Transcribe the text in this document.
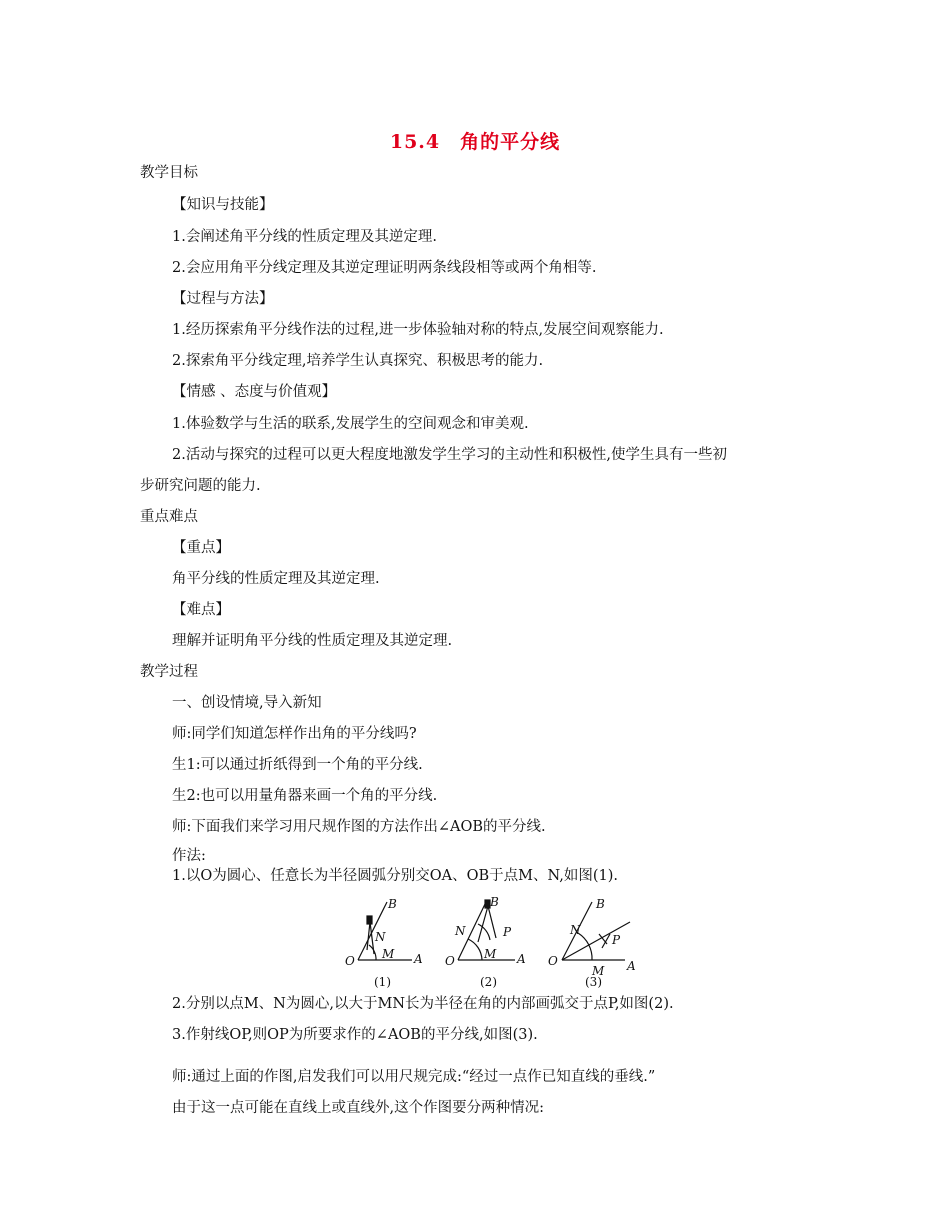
15.4　角的平分线
教学目标
【知识与技能】
1.会阐述角平分线的性质定理及其逆定理.
2.会应用角平分线定理及其逆定理证明两条线段相等或两个角相等.
【过程与方法】
1.经历探索角平分线作法的过程,进一步体验轴对称的特点,发展空间观察能力.
2.探索角平分线定理,培养学生认真探究、积极思考的能力.
【情感 、态度与价值观】
1.体验数学与生活的联系,发展学生的空间观念和审美观.
2.活动与探究的过程可以更大程度地激发学生学习的主动性和积极性,使学生具有一些初
步研究问题的能力.
重点难点
【重点】
角平分线的性质定理及其逆定理.
【难点】
理解并证明角平分线的性质定理及其逆定理.
教学过程
一、创设情境,导入新知
师:同学们知道怎样作出角的平分线吗?
生1:可以通过折纸得到一个角的平分线.
生2:也可以用量角器来画一个角的平分线.
师:下面我们来学习用尺规作图的方法作出∠AOB的平分线.
作法:
1.以O为圆心、任意长为半径圆弧分别交OA、OB于点M、N,如图(1).
O	A
B
M
N
O	A
B
M
N	P
O	A
B
M
N
P
(1)	(2)	(3)
2.分别以点M、N为圆心,以大于MN长为半径在角的内部画弧交于点P,如图(2).
3.作射线OP,则OP为所要求作的∠AOB的平分线,如图(3).
师:通过上面的作图,启发我们可以用尺规完成:“经过一点作已知直线的垂线.”
由于这一点可能在直线上或直线外,这个作图要分两种情况:
